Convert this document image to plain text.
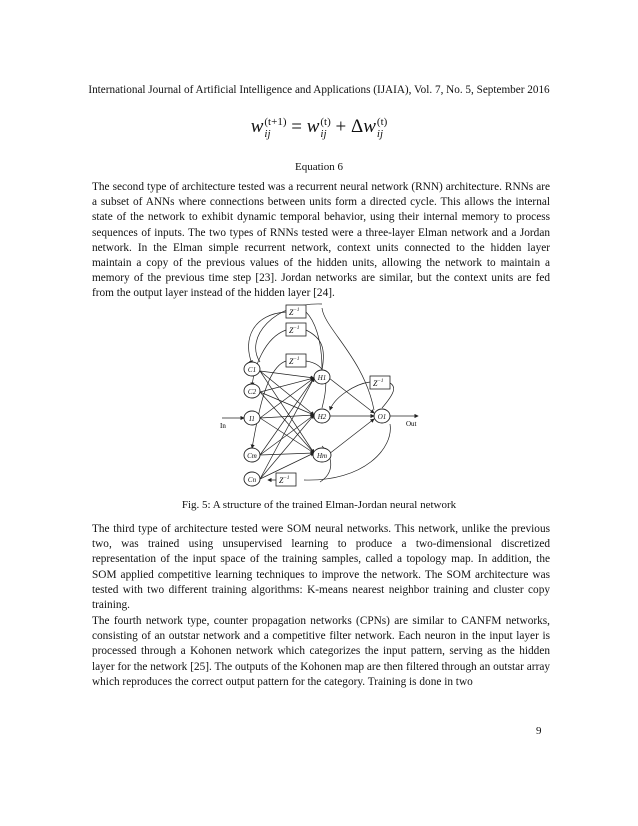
International Journal of Artificial Intelligence and Applications (IJAIA), Vol. 7, No. 5, September 2016
w(t+1)
ij = w(t)
ij + Δw(t)
ij
Equation 6

The second type of architecture tested was a recurrent neural network (RNN) architecture. RNNs are a subset of ANNs where connections between units form a directed cycle. This allows the internal state of the network to exhibit dynamic temporal behavior, using their internal memory to process sequences of inputs. The two types of RNNs tested were a three-layer Elman network and a Jordan network. In the Elman simple recurrent network, context units connected to the hidden layer maintain a copy of the previous values of the hidden units, allowing the network to maintain a memory of the previous time step [23]. Jordan networks are similar, but the context units are fed from the output layer instead of the hidden layer [24].

$Z^{-1}$
$Z^{-1}$
$Z^{-1}$
$Z^{-1}$
$Z^{-1}$
C1
C2
I1
Cm
Cn
H1
H2
Hm
O1
In	Out
Fig. 5: A structure of the trained Elman-Jordan neural network

The third type of architecture tested were SOM neural networks. This network, unlike the previous two, was trained using unsupervised learning to produce a two-dimensional discretized representation of the input space of the training samples, called a topology map. In addition, the SOM applied competitive learning techniques to improve the network. The SOM architecture was tested with two different training algorithms: K-means nearest neighbor training and cluster copy training.

The fourth network type, counter propagation networks (CPNs) are similar to CANFM networks, consisting of an outstar network and a competitive filter network. Each neuron in the input layer is processed through a Kohonen network which categorizes the input pattern, serving as the hidden layer for the network [25]. The outputs of the Kohonen map are then filtered through an outstar array which reproduces the correct output pattern for the category. Training is done in two

9
